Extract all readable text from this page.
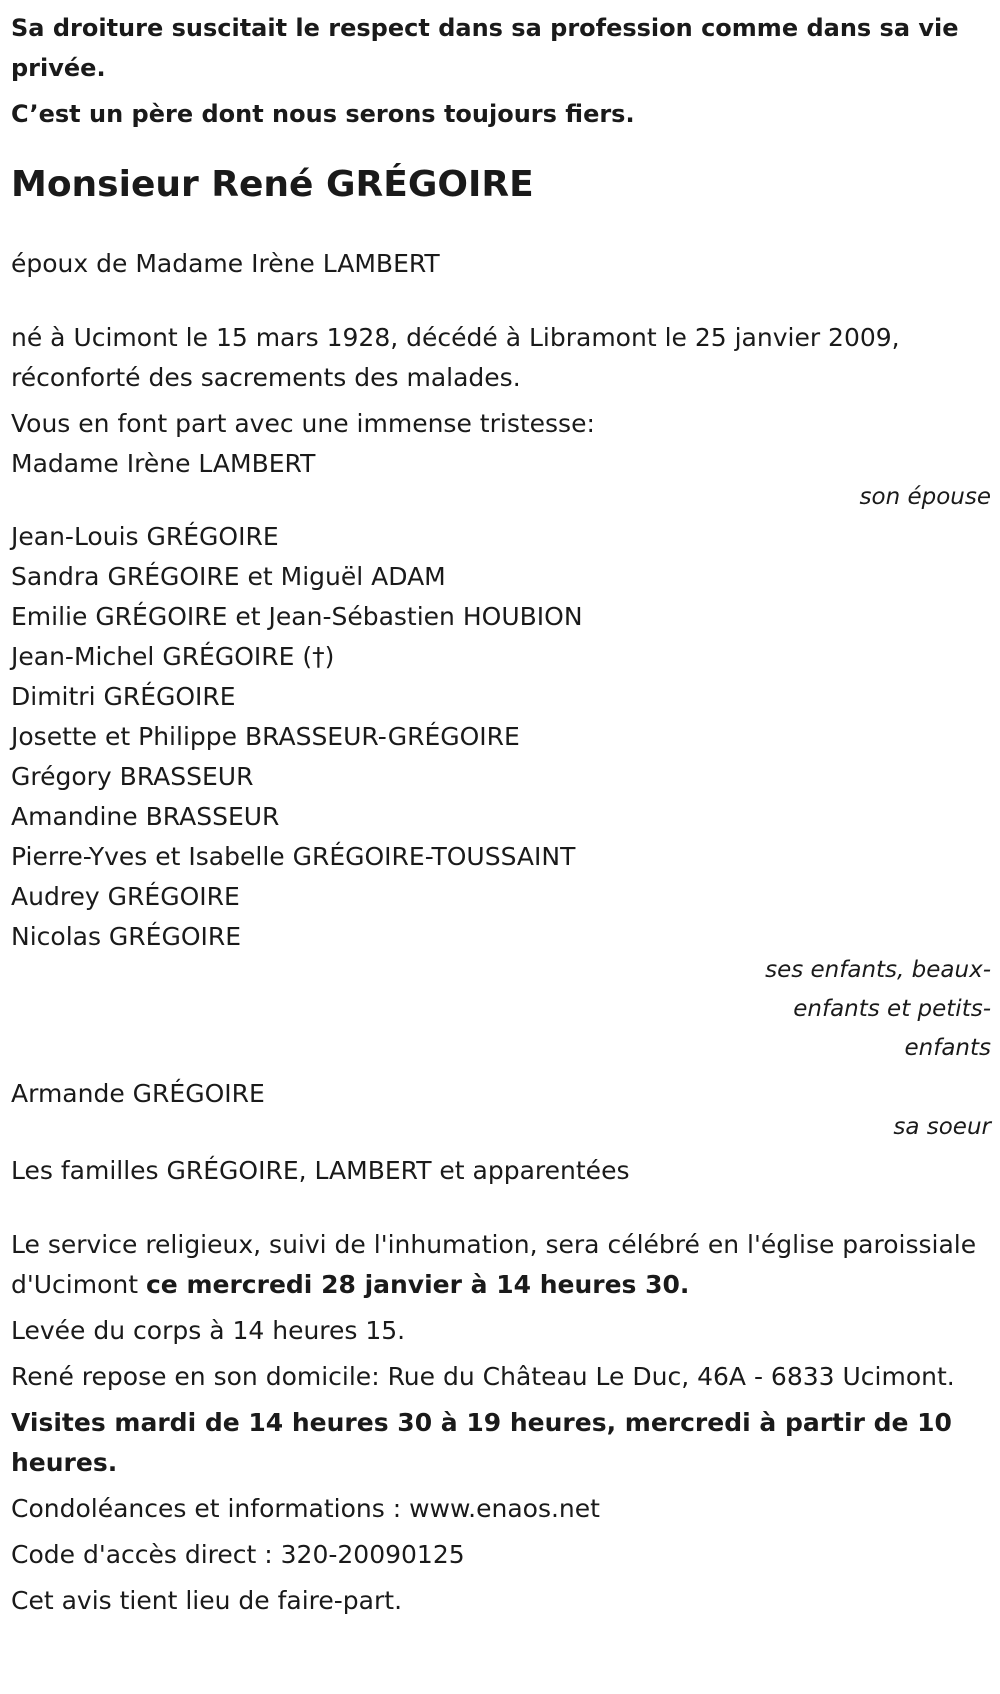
Sa droiture suscitait le respect dans sa profession comme dans sa vie privée.

C’est un père dont nous serons toujours fiers.

Monsieur René GRÉGOIRE

époux de Madame Irène LAMBERT

né à Ucimont le 15 mars 1928, décédé à Libramont le 25 janvier 2009,

réconforté des sacrements des malades.

Vous en font part avec une immense tristesse:

Madame Irène LAMBERT

son épouse

Jean-Louis GRÉGOIRE
Sandra GRÉGOIRE et Miguël ADAM
Emilie GRÉGOIRE et Jean-Sébastien HOUBION
Jean-Michel GRÉGOIRE (†)
Dimitri GRÉGOIRE
Josette et Philippe BRASSEUR-GRÉGOIRE
Grégory BRASSEUR
Amandine BRASSEUR
Pierre-Yves et Isabelle GRÉGOIRE-TOUSSAINT
Audrey GRÉGOIRE
Nicolas GRÉGOIRE

ses enfants, beaux-enfants et petits-enfants

Armande GRÉGOIRE

sa soeur

Les familles GRÉGOIRE, LAMBERT et apparentées

Le service religieux, suivi de l'inhumation, sera célébré en l'église paroissiale d'Ucimont ce mercredi 28 janvier à 14 heures 30.

Levée du corps à 14 heures 15.

René repose en son domicile: Rue du Château Le Duc, 46A - 6833 Ucimont.

Visites mardi de 14 heures 30 à 19 heures, mercredi à partir de 10 heures.

Condoléances et informations : www.enaos.net

Code d'accès direct : 320-20090125

Cet avis tient lieu de faire-part.
